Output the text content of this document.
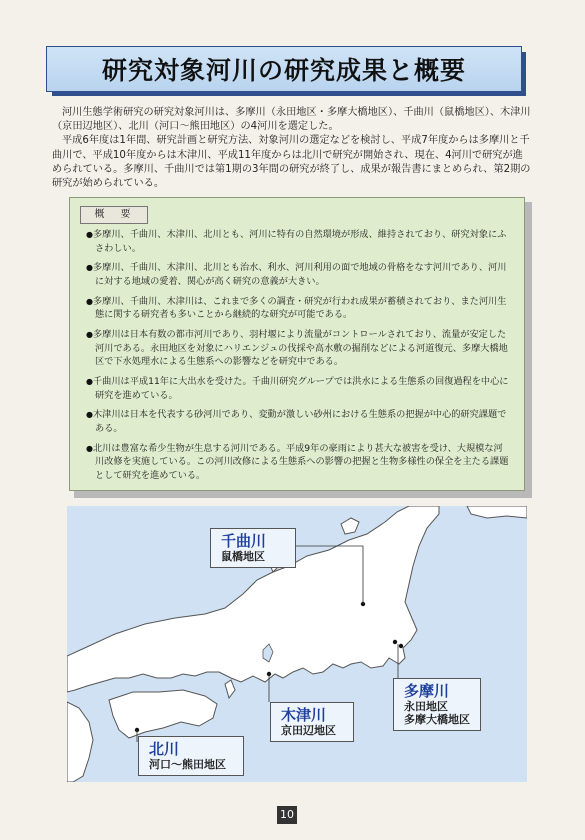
研究対象河川の研究成果と概要

河川生態学術研究の研究対象河川は、多摩川（永田地区・多摩大橋地区）、千曲川（鼠橋地区）、木津川（京田辺地区）、北川（河口～熊田地区）の4河川を選定した。

平成6年度は1年間、研究計画と研究方法、対象河川の選定などを検討し、平成7年度からは多摩川と千曲川で、平成10年度からは木津川、平成11年度からは北川で研究が開始され、現在、4河川で研究が進められている。多摩川、千曲川では第1期の3年間の研究が終了し、成果が報告書にまとめられ、第2期の研究が始められている。

概　要
●多摩川、千曲川、木津川、北川とも、河川に特有の自然環境が形成、維持されており、研究対象にふさわしい。
●多摩川、千曲川、木津川、北川とも治水、利水、河川利用の面で地域の骨格をなす河川であり、河川に対する地域の愛着、関心が高く研究の意義が大きい。
●多摩川、千曲川、木津川は、これまで多くの調査・研究が行われ成果が蓄積されており、また河川生態に関する研究者も多いことから継続的な研究が可能である。
●多摩川は日本有数の都市河川であり、羽村堰により流量がコントロールされており、流量が安定した河川である。永田地区を対象にハリエンジュの伐採や高水敷の掘削などによる河道復元、多摩大橋地区で下水処理水による生態系への影響などを研究中である。
●千曲川は平成11年に大出水を受けた。千曲川研究グループでは洪水による生態系の回復過程を中心に研究を進めている。
●木津川は日本を代表する砂河川であり、変動が激しい砂州における生態系の把握が中心的研究課題である。
●北川は豊富な希少生物が生息する河川である。平成9年の豪雨により甚大な被害を受け、大規模な河川改修を実施している。この河川改修による生態系への影響の把握と生物多様性の保全を主たる課題として研究を進めている。
千曲川
鼠橋地区
多摩川
永田地区
多摩大橋地区
木津川
京田辺地区
北川
河口～熊田地区
10
